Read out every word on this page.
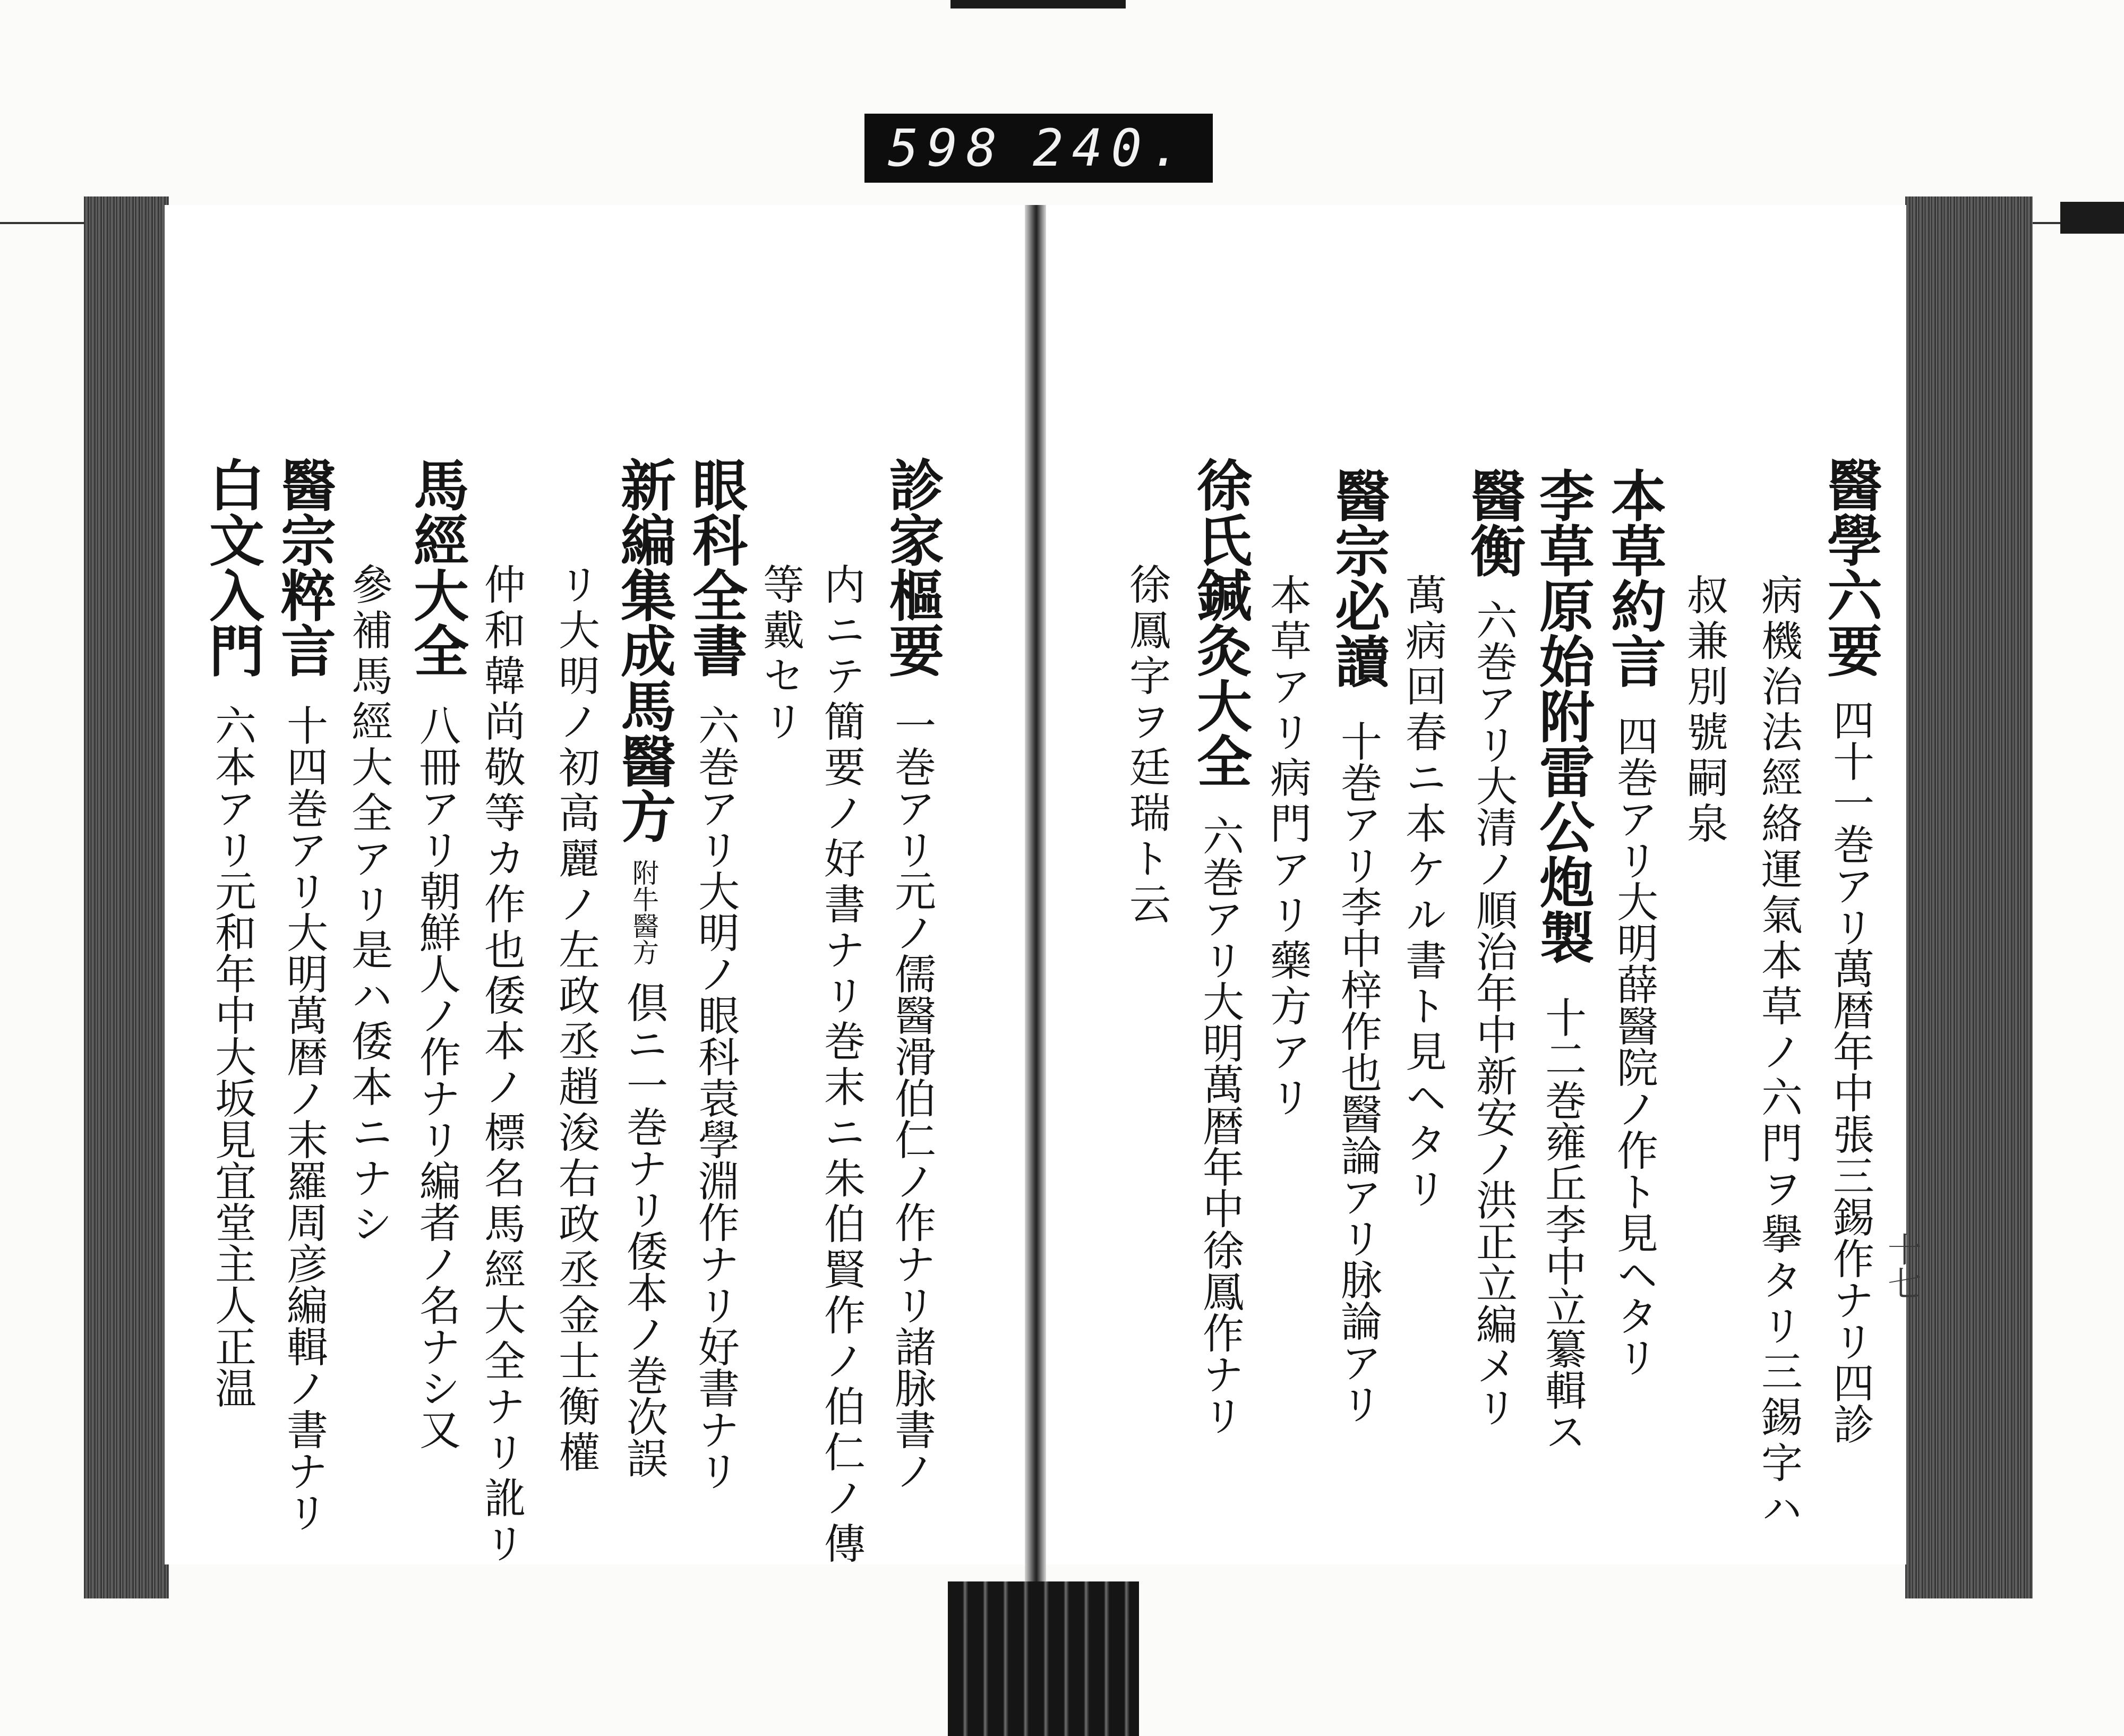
598 240.
醫學六要四十一巻アリ萬暦年中張三錫作ナリ四診
病機治法經絡運氣本草ノ六門ヲ擧タリ三錫字ハ
叔兼別號嗣泉
本草約言四巻アリ大明薛醫院ノ作ト見ヘタリ
李草原始附雷公炮製十二巻雍丘李中立纂輯ス
醫衡六巻アリ大清ノ順治年中新安ノ洪正立編メリ
萬病回春ニ本ケル書ト見ヘタリ
醫宗必讀十巻アリ李中梓作也醫論アリ脉論アリ
本草アリ病門アリ藥方アリ
徐氏鍼灸大全六巻アリ大明萬暦年中徐鳳作ナリ
徐鳳字ヲ廷瑞ト云
十七
診家樞要一巻アリ元ノ儒醫滑伯仁ノ作ナリ諸脉書ノ
内ニテ簡要ノ好書ナリ巻末ニ朱伯賢作ノ伯仁ノ傳
等戴セリ
眼科全書六巻アリ大明ノ眼科袁學淵作ナリ好書ナリ
新編集成馬醫方附牛醫方倶ニ一巻ナリ倭本ノ巻次誤
リ大明ノ初高麗ノ左政丞趙浚右政丞金士衡權
仲和韓尚敬等カ作也倭本ノ標名馬經大全ナリ訛リ
馬經大全八冊アリ朝鮮人ノ作ナリ編者ノ名ナシ又
參補馬經大全アリ是ハ倭本ニナシ
醫宗粹言十四巻アリ大明萬暦ノ末羅周彦編輯ノ書ナリ
白文入門六本アリ元和年中大坂見宜堂主人正温
